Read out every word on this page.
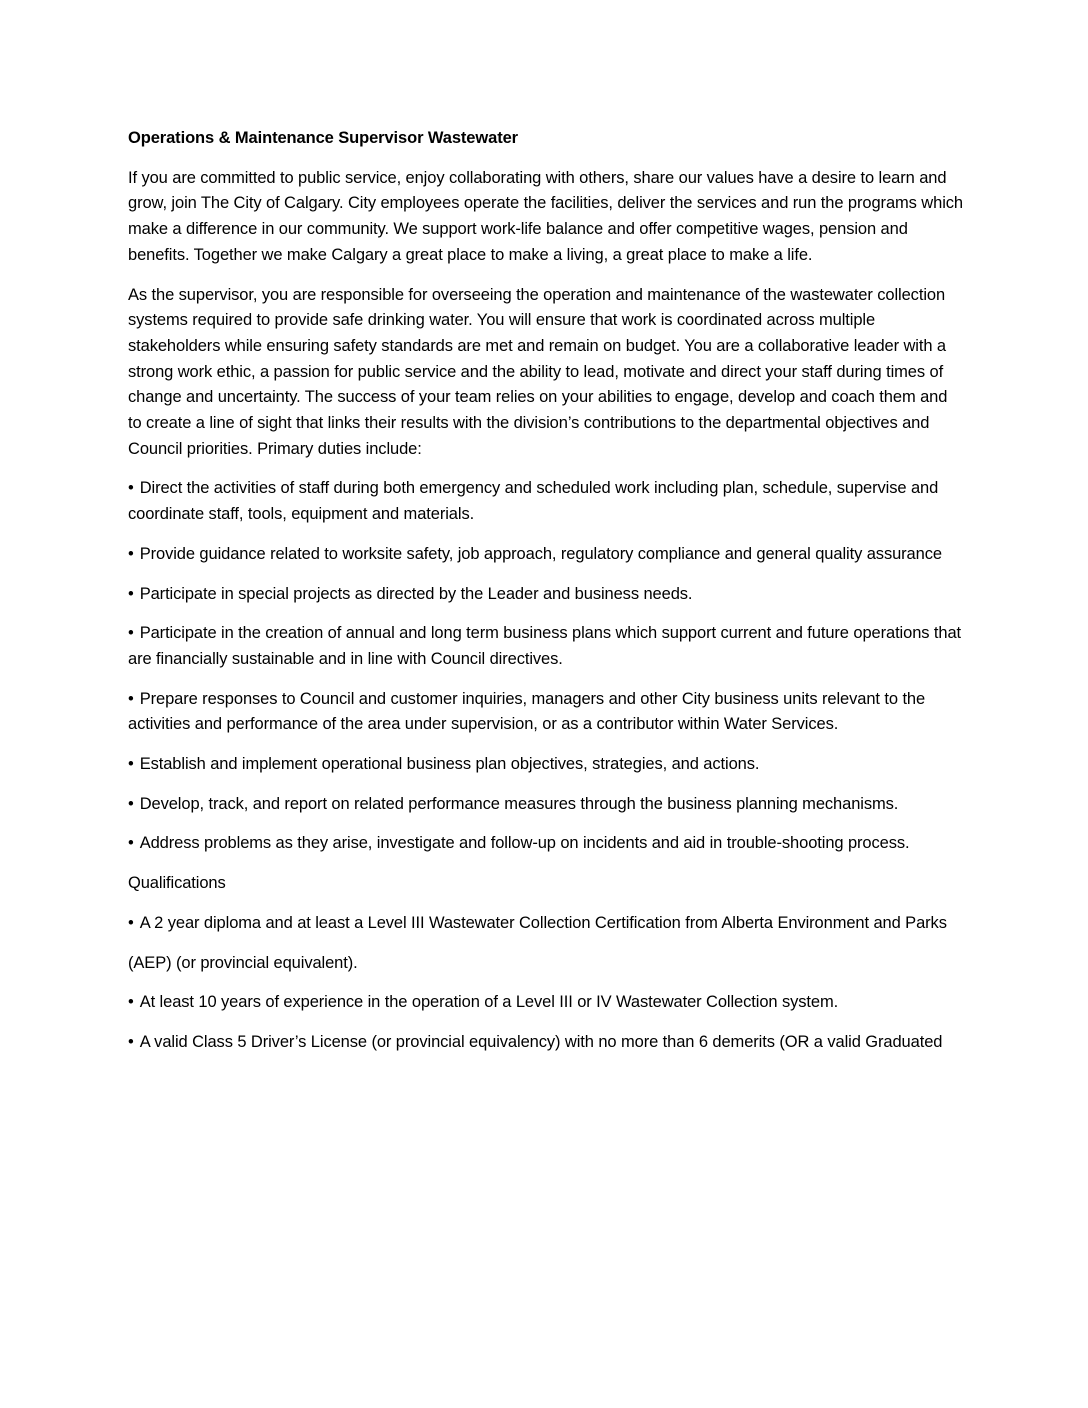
Operations & Maintenance Supervisor Wastewater
If you are committed to public service, enjoy collaborating with others, share our values have a desire to learn and grow, join The City of Calgary. City employees operate the facilities, deliver the services and run the programs which make a difference in our community. We support work-life balance and offer competitive wages, pension and benefits. Together we make Calgary a great place to make a living, a great place to make a life.
As the supervisor, you are responsible for overseeing the operation and maintenance of the wastewater collection systems required to provide safe drinking water. You will ensure that work is coordinated across multiple stakeholders while ensuring safety standards are met and remain on budget. You are a collaborative leader with a strong work ethic, a passion for public service and the ability to lead, motivate and direct your staff during times of change and uncertainty. The success of your team relies on your abilities to engage, develop and coach them and to create a line of sight that links their results with the division’s contributions to the departmental objectives and Council priorities. Primary duties include:
• Direct the activities of staff during both emergency and scheduled work including plan, schedule, supervise and coordinate staff, tools, equipment and materials.
• Provide guidance related to worksite safety, job approach, regulatory compliance and general quality assurance
• Participate in special projects as directed by the Leader and business needs.
• Participate in the creation of annual and long term business plans which support current and future operations that are financially sustainable and in line with Council directives.
• Prepare responses to Council and customer inquiries, managers and other City business units relevant to the activities and performance of the area under supervision, or as a contributor within Water Services.
• Establish and implement operational business plan objectives, strategies, and actions.
• Develop, track, and report on related performance measures through the business planning mechanisms.
• Address problems as they arise, investigate and follow-up on incidents and aid in trouble-shooting process.
Qualifications
• A 2 year diploma and at least a Level III Wastewater Collection Certification from Alberta Environment and Parks
(AEP) (or provincial equivalent).
• At least 10 years of experience in the operation of a Level III or IV Wastewater Collection system.
• A valid Class 5 Driver’s License (or provincial equivalency) with no more than 6 demerits (OR a valid Graduated
